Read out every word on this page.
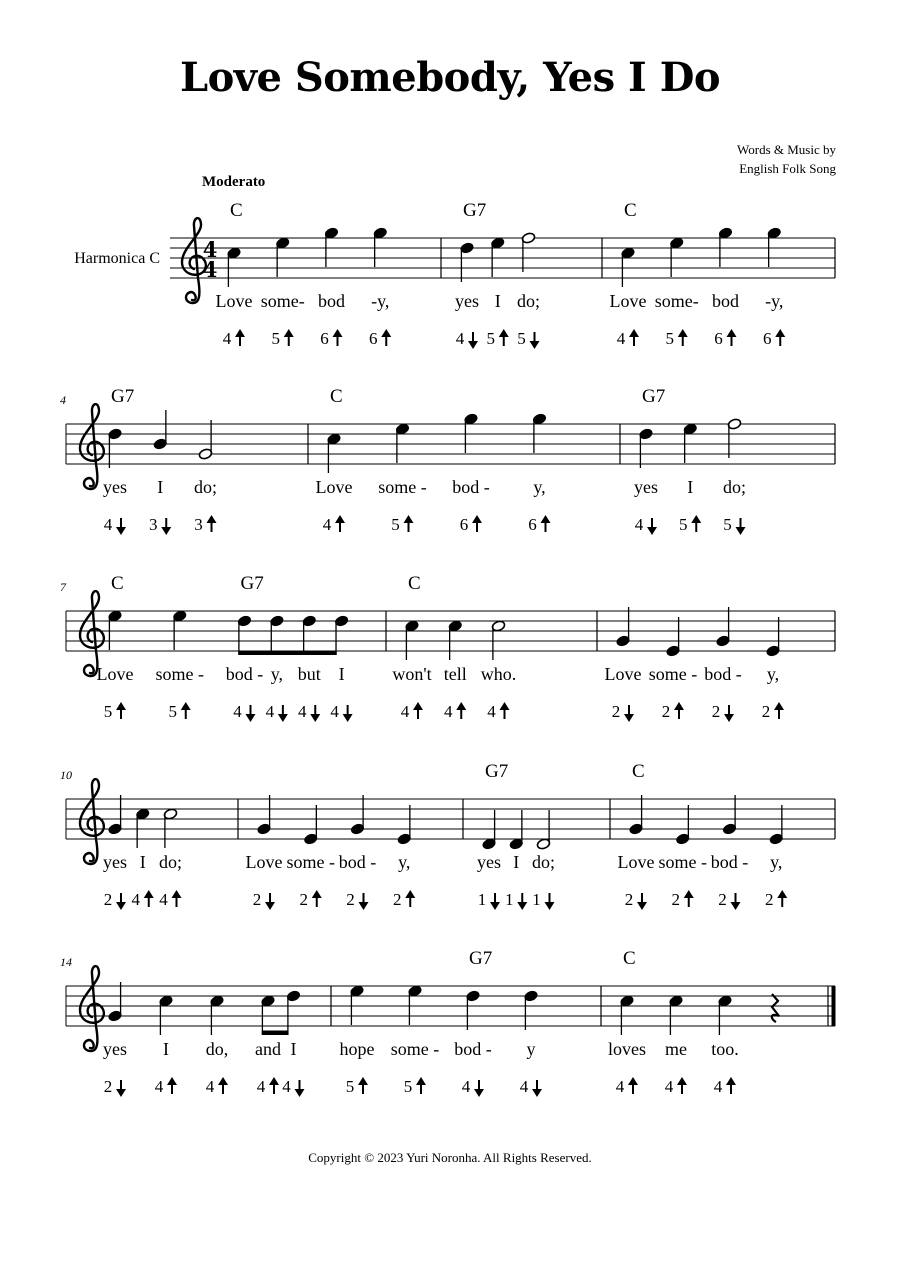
Love Somebody, Yes I Do
Words & Music by
English Folk Song
Moderato
4
4
Harmonica C
C
Love
4
some-
5
bod
6
-y,
6
G7
yes
4
I
5
do;
5
C
Love
4
some-
5
bod
6
-y,
6
4 G7
yes
4
I
3
do;
3
C
Love
4
some -
5
bod -
6
y,
6
G7
yes
4
I
5
do;
5
7 C	G7
Love
5
some -
5
bod -
4
y,
4
but
4
I
4
C
won't
4
tell
4
who.
4
Love
2
some -
2
bod -
2
y,
2
10
yes
2
I
4
do;
4
Love
2
some -
2
bod -
2
y,
2
G7
yes
1
I
1
do;
1
C
Love
2
some -
2
bod -
2
y,
2
14
yes
2
I
4
do,
4
and
4
I
4
G7
hope
5
some -
5
bod -
4
y
4
C
loves
4
me
4
too.
4
Copyright © 2023 Yuri Noronha. All Rights Reserved.
